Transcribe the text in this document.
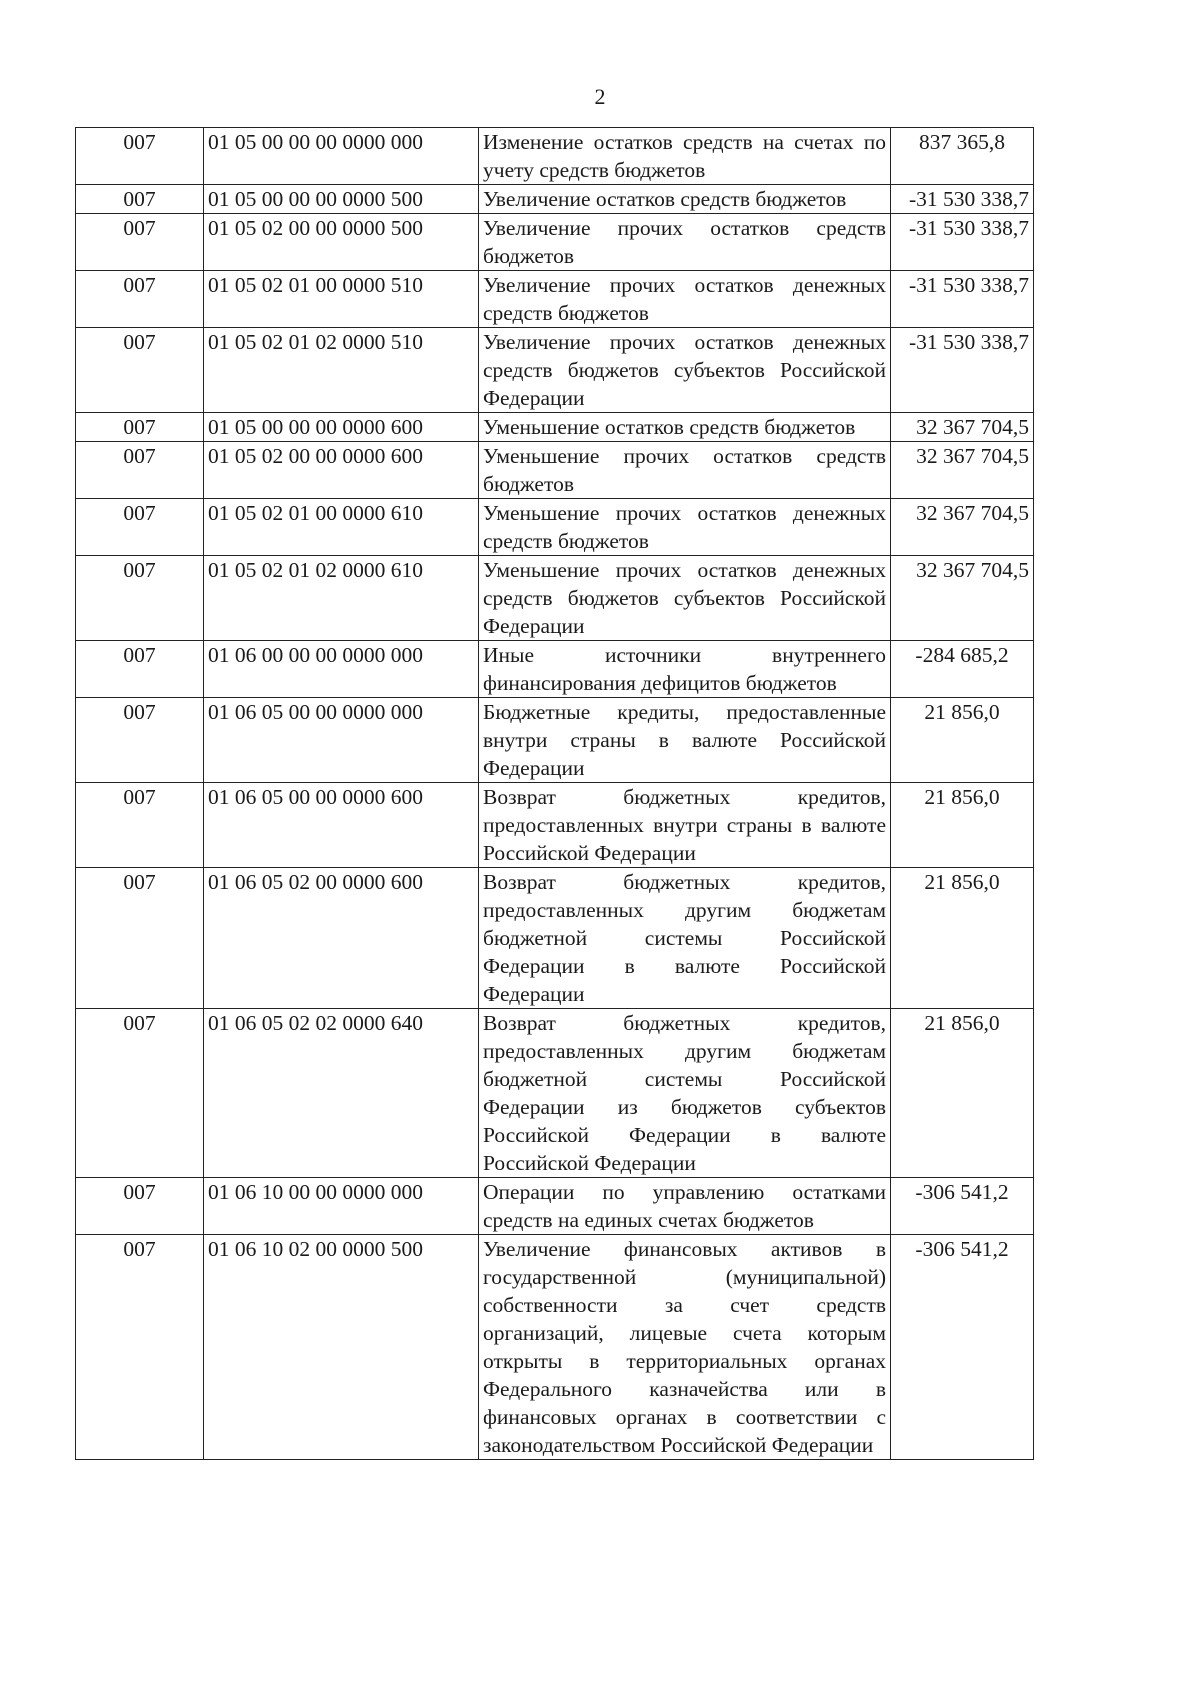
2
007	01 05 00 00 00 0000 000	Изменение остатков средств на счетах по учету средств бюджетов	837 365,8
007	01 05 00 00 00 0000 500	Увеличение остатков средств бюджетов	-31 530 338,7
007	01 05 02 00 00 0000 500	Увеличение прочих остатков средств бюджетов	-31 530 338,7
007	01 05 02 01 00 0000 510	Увеличение прочих остатков денежных средств бюджетов	-31 530 338,7
007	01 05 02 01 02 0000 510	Увеличение прочих остатков денежных средств бюджетов субъектов Российской Федерации	-31 530 338,7
007	01 05 00 00 00 0000 600	Уменьшение остатков средств бюджетов	32 367 704,5
007	01 05 02 00 00 0000 600	Уменьшение прочих остатков средств бюджетов	32 367 704,5
007	01 05 02 01 00 0000 610	Уменьшение прочих остатков денежных средств бюджетов	32 367 704,5
007	01 05 02 01 02 0000 610	Уменьшение прочих остатков денежных средств бюджетов субъектов Российской Федерации	32 367 704,5
007	01 06 00 00 00 0000 000	Иные источники внутреннего финансирования дефицитов бюджетов	-284 685,2
007	01 06 05 00 00 0000 000	Бюджетные кредиты, предоставленные внутри страны в валюте Российской Федерации	21 856,0
007	01 06 05 00 00 0000 600	Возврат бюджетных кредитов, предоставленных внутри страны в валюте Российской Федерации	21 856,0
007	01 06 05 02 00 0000 600	Возврат бюджетных кредитов, предоставленных другим бюджетам бюджетной системы Российской Федерации в валюте Российской Федерации	21 856,0
007	01 06 05 02 02 0000 640	Возврат бюджетных кредитов, предоставленных другим бюджетам бюджетной системы Российской Федерации из бюджетов субъектов Российской Федерации в валюте Российской Федерации	21 856,0
007	01 06 10 00 00 0000 000	Операции по управлению остатками средств на единых счетах бюджетов	-306 541,2
007	01 06 10 02 00 0000 500	Увеличение финансовых активов в государственной (муниципальной) собственности за счет средств организаций, лицевые счета которым открыты в территориальных органах Федерального казначейства или в финансовых органах в соответствии с законодательством Российской Федерации	-306 541,2
